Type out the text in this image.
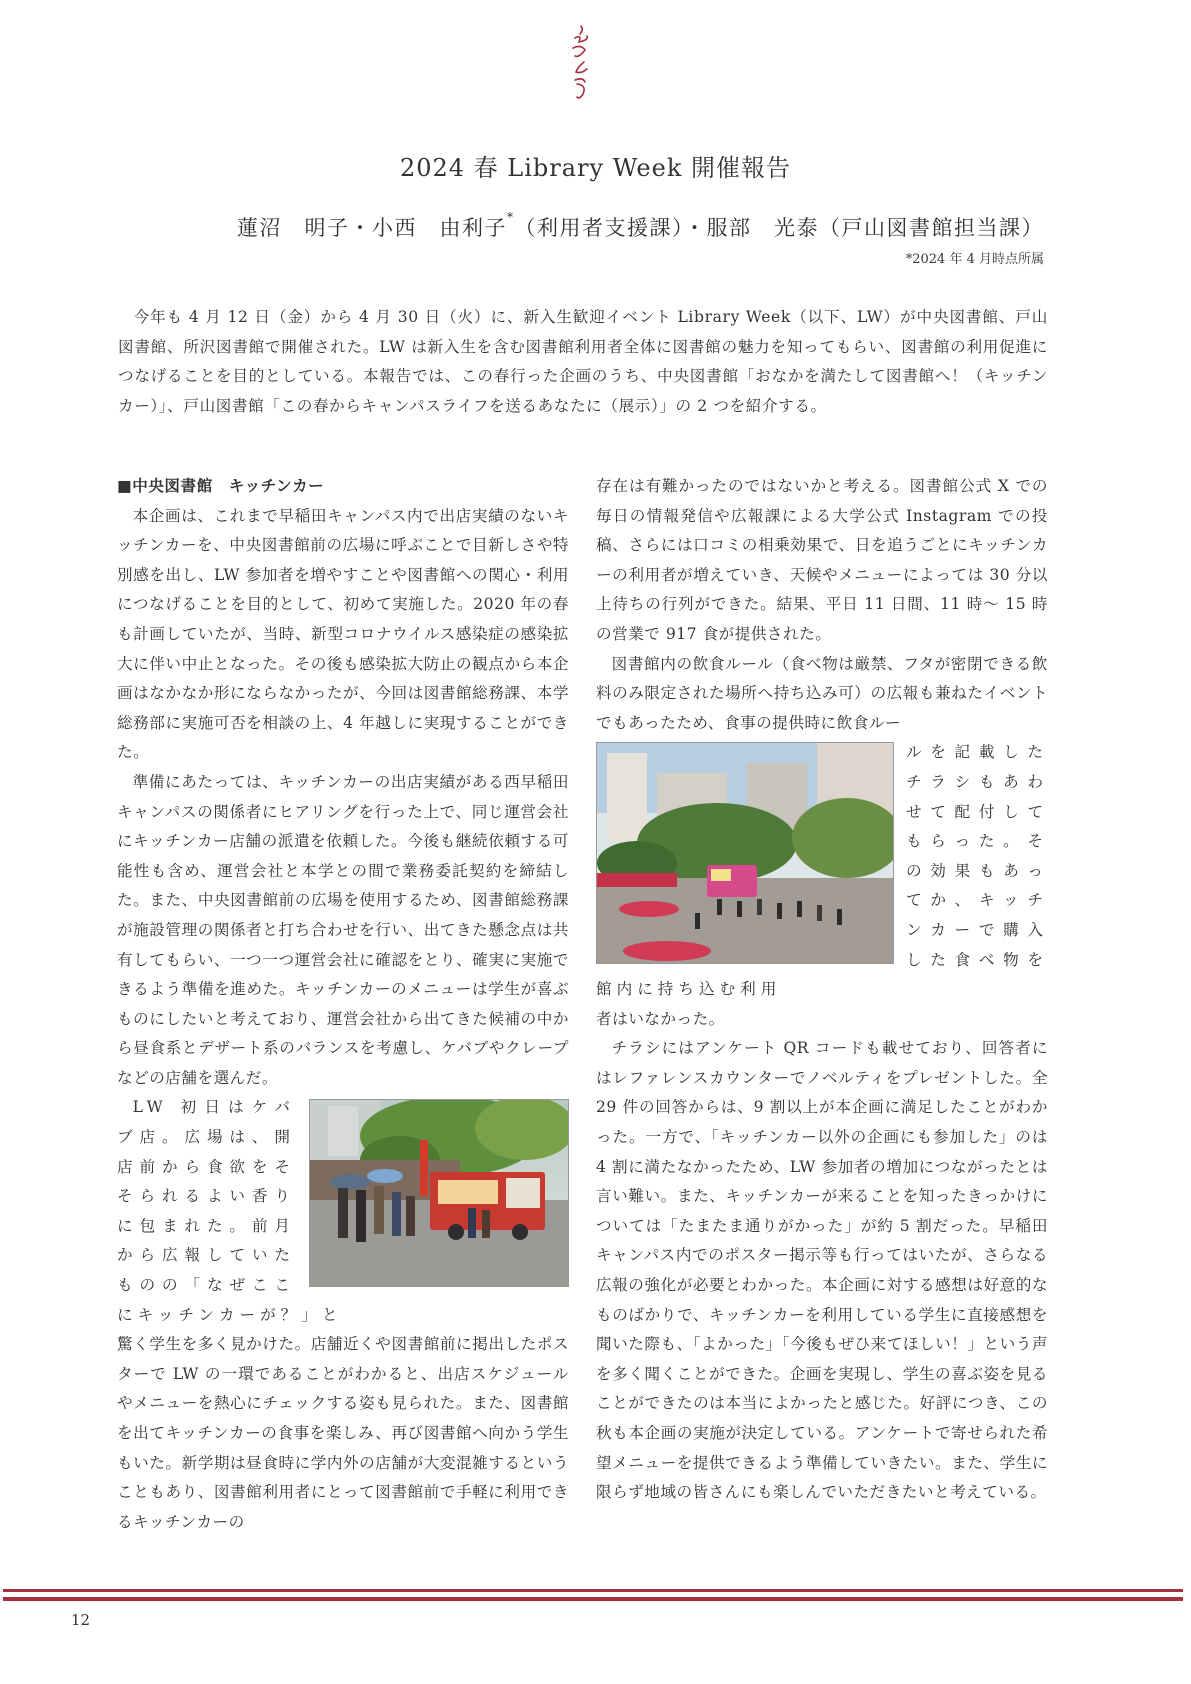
2024 春 Library Week 開催報告
蓮沼　明子・小西　由利子*（利用者支援課）・服部　光泰（戸山図書館担当課）
*2024 年 4 月時点所属

今年も 4 月 12 日（金）から 4 月 30 日（火）に、新入生歓迎イベント Library Week（以下、LW）が中央図書館、戸山図書館、所沢図書館で開催された。LW は新入生を含む図書館利用者全体に図書館の魅力を知ってもらい、図書館の利用促進につなげることを目的としている。本報告では、この春行った企画のうち、中央図書館「おなかを満たして図書館へ！（キッチンカー）」、戸山図書館「この春からキャンパスライフを送るあなたに（展示）」の 2 つを紹介する。

■中央図書館　キッチンカー

本企画は、これまで早稲田キャンパス内で出店実績のないキッチンカーを、中央図書館前の広場に呼ぶことで目新しさや特別感を出し、LW 参加者を増やすことや図書館への関心・利用につなげることを目的として、初めて実施した。2020 年の春も計画していたが、当時、新型コロナウイルス感染症の感染拡大に伴い中止となった。その後も感染拡大防止の観点から本企画はなかなか形にならなかったが、今回は図書館総務課、本学総務部に実施可否を相談の上、4 年越しに実現することができた。

準備にあたっては、キッチンカーの出店実績がある西早稲田キャンパスの関係者にヒアリングを行った上で、同じ運営会社にキッチンカー店舗の派遣を依頼した。今後も継続依頼する可能性も含め、運営会社と本学との間で業務委託契約を締結した。また、中央図書館前の広場を使用するため、図書館総務課が施設管理の関係者と打ち合わせを行い、出てきた懸念点は共有してもらい、一つ一つ運営会社に確認をとり、確実に実施できるよう準備を進めた。キッチンカーのメニューは学生が喜ぶものにしたいと考えており、運営会社から出てきた候補の中から昼食系とデザート系のバランスを考慮し、ケバブやクレープなどの店舗を選んだ。

LW 初日はケバブ店。広場は、開店前から食欲をそそられるよい香りに包まれた。前月から広報していたものの「なぜここにキッチンカーが？」と

驚く学生を多く見かけた。店舗近くや図書館前に掲出したポスターで LW の一環であることがわかると、出店スケジュールやメニューを熱心にチェックする姿も見られた。また、図書館を出てキッチンカーの食事を楽しみ、再び図書館へ向かう学生もいた。新学期は昼食時に学内外の店舗が大変混雑するということもあり、図書館利用者にとって図書館前で手軽に利用できるキッチンカーの

存在は有難かったのではないかと考える。図書館公式 X での毎日の情報発信や広報課による大学公式 Instagram での投稿、さらには口コミの相乗効果で、日を追うごとにキッチンカーの利用者が増えていき、天候やメニューによっては 30 分以上待ちの行列ができた。結果、平日 11 日間、11 時～ 15 時の営業で 917 食が提供された。

図書館内の飲食ルール（食べ物は厳禁、フタが密閉できる飲料のみ限定された場所へ持ち込み可）の広報も兼ねたイベントでもあったため、食事の提供時に飲食ルー

ルを記載したチラシもあわせて配付してもらった。その効果もあってか、キッチンカーで購入した食べ物を館内に持ち込む利用

者はいなかった。

チラシにはアンケート QR コードも載せており、回答者にはレファレンスカウンターでノベルティをプレゼントした。全 29 件の回答からは、9 割以上が本企画に満足したことがわかった。一方で、「キッチンカー以外の企画にも参加した」のは 4 割に満たなかったため、LW 参加者の増加につながったとは言い難い。また、キッチンカーが来ることを知ったきっかけについては「たまたま通りがかった」が約 5 割だった。早稲田キャンパス内でのポスター掲示等も行ってはいたが、さらなる広報の強化が必要とわかった。本企画に対する感想は好意的なものばかりで、キッチンカーを利用している学生に直接感想を聞いた際も、「よかった」「今後もぜひ来てほしい！」という声を多く聞くことができた。企画を実現し、学生の喜ぶ姿を見ることができたのは本当によかったと感じた。好評につき、この秋も本企画の実施が決定している。アンケートで寄せられた希望メニューを提供できるよう準備していきたい。また、学生に限らず地域の皆さんにも楽しんでいただきたいと考えている。

12
